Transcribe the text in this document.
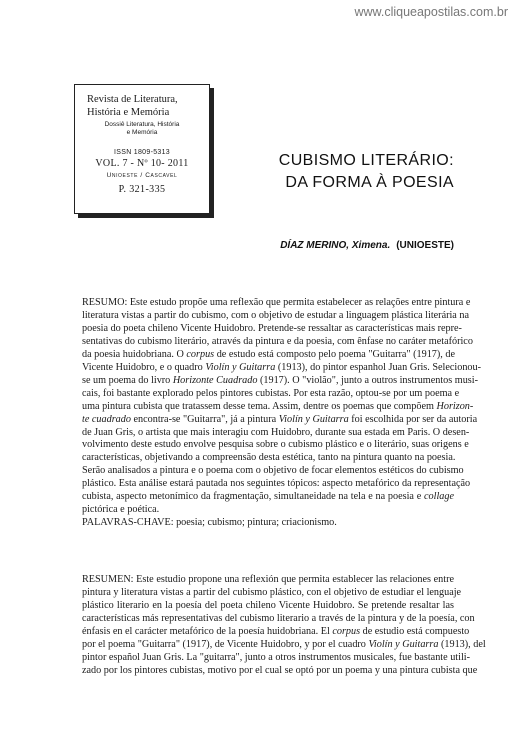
www.cliqueapostilas.com.br
Revista de Literatura,
História e Memória
Dossiê Literatura, História
e Memória
ISSN 1809-5313
VOL. 7 - Nº 10- 2011
Unioeste / Cascavel
P. 321-335
CUBISMO LITERÁRIO:
DA FORMA À POESIA
DÍAZ MERINO, Ximena. (UNIOESTE)
RESUMO: Este estudo propõe uma reflexão que permita estabelecer as relações entre pintura e
literatura vistas a partir do cubismo, com o objetivo de estudar a linguagem plástica literária na
poesia do poeta chileno Vicente Huidobro. Pretende-se ressaltar as características mais repre-
sentativas do cubismo literário, através da pintura e da poesia, com ênfase no caráter metafórico
da poesia huidobriana. O corpus de estudo está composto pelo poema "Guitarra" (1917), de
Vicente Huidobro, e o quadro Violín y Guitarra (1913), do pintor espanhol Juan Gris. Selecionou-
se um poema do livro Horizonte Cuadrado (1917). O "violão", junto a outros instrumentos musi-
cais, foi bastante explorado pelos pintores cubistas. Por esta razão, optou-se por um poema e
uma pintura cubista que tratassem desse tema. Assim, dentre os poemas que compõem Horizon-
te cuadrado encontra-se "Guitarra", já a pintura Violín y Guitarra foi escolhida por ser da autoria
de Juan Gris, o artista que mais interagiu com Huidobro, durante sua estada em Paris. O desen-
volvimento deste estudo envolve pesquisa sobre o cubismo plástico e o literário, suas origens e
características, objetivando a compreensão desta estética, tanto na pintura quanto na poesia.
Serão analisados a pintura e o poema com o objetivo de focar elementos estéticos do cubismo
plástico. Esta análise estará pautada nos seguintes tópicos: aspecto metafórico da representação
cubista, aspecto metonímico da fragmentação, simultaneidade na tela e na poesia e collage
pictórica e poética.
PALAVRAS-CHAVE: poesia; cubismo; pintura; criacionismo.
RESUMEN: Este estudio propone una reflexión que permita establecer las relaciones entre
pintura y literatura vistas a partir del cubismo plástico, con el objetivo de estudiar el lenguaje
plástico literario en la poesía del poeta chileno Vicente Huidobro. Se pretende resaltar las
características más representativas del cubismo literario a través de la pintura y de la poesía, con
énfasis en el carácter metafórico de la poesía huidobriana. El corpus de estudio está compuesto
por el poema "Guitarra" (1917), de Vicente Huidobro, y por el cuadro Violín y Guitarra (1913), del
pintor español Juan Gris. La "guitarra", junto a otros instrumentos musicales, fue bastante utili-
zado por los pintores cubistas, motivo por el cual se optó por un poema y una pintura cubista que
